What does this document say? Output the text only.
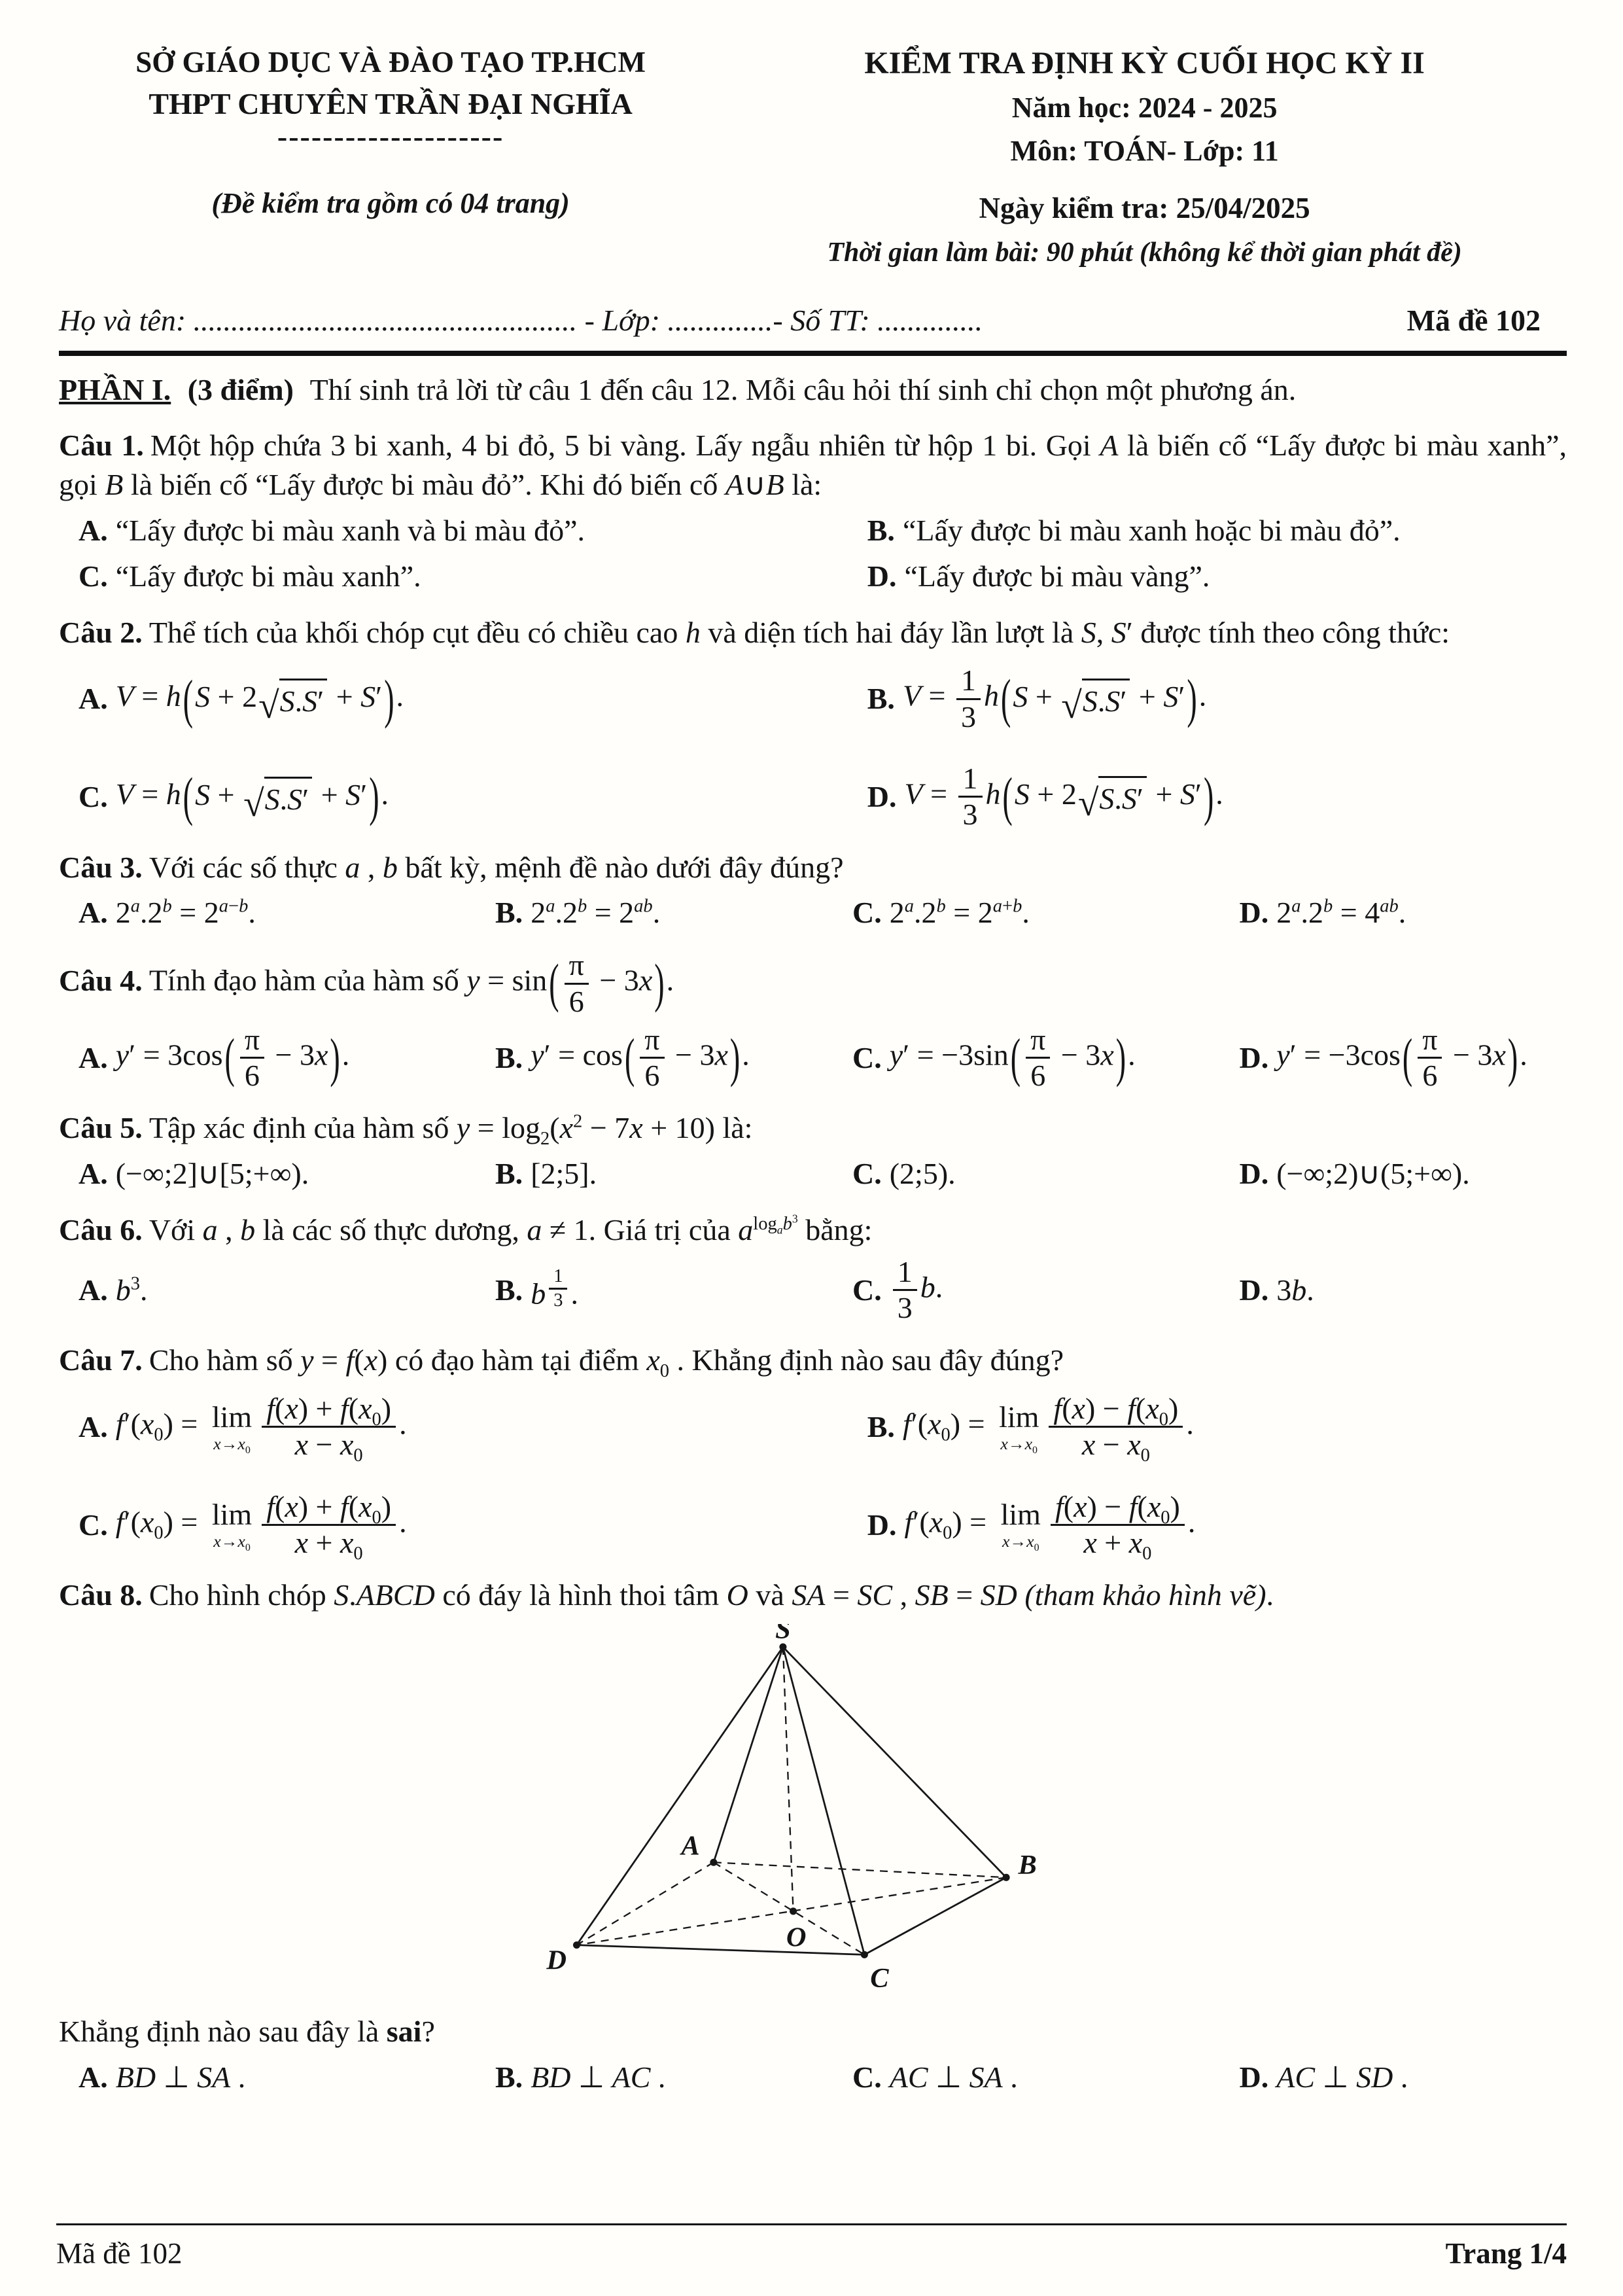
SỞ GIÁO DỤC VÀ ĐÀO TẠO TP.HCM
THPT CHUYÊN TRẦN ĐẠI NGHĨA
--------------------
(Đề kiểm tra gồm có 04 trang)
KIỂM TRA ĐỊNH KỲ CUỐI HỌC KỲ II
Năm học: 2024 - 2025
Môn: TOÁN- Lớp: 11
Ngày kiểm tra: 25/04/2025
Thời gian làm bài: 90 phút (không kể thời gian phát đề)
Họ và tên: ................................................... - Lớp: ..............- Số TT: ..............	Mã đề 102

PHẦN I. (3 điểm) Thí sinh trả lời từ câu 1 đến câu 12. Mỗi câu hỏi thí sinh chỉ chọn một phương án.

Câu 1. Một hộp chứa 3 bi xanh, 4 bi đỏ, 5 bi vàng. Lấy ngẫu nhiên từ hộp 1 bi. Gọi A là biến cố “Lấy được bi màu xanh”, gọi B là biến cố “Lấy được bi màu đỏ”. Khi đó biến cố A∪B là:

A. “Lấy được bi màu xanh và bi màu đỏ”.	B. “Lấy được bi màu xanh hoặc bi màu đỏ”.
C. “Lấy được bi màu xanh”.	D. “Lấy được bi màu vàng”.

Câu 2. Thể tích của khối chóp cụt đều có chiều cao h và diện tích hai đáy lần lượt là S, S′ được tính theo công thức:

A. V = h ( S + 2 √ S.S′ + S′ ) .	B. $V = \frac{1}{3}$ h ( S + √ S.S′ + S′ ) .
C. V = h ( S + √ S.S′ + S′ ) .	D. $V = \frac{1}{3}$ h ( S + 2 √ S.S′ + S′ ) .

Câu 3. Với các số thực a , b bất kỳ, mệnh đề nào dưới đây đúng?

A. $2^a.2^b = 2^{a-b}$.	B. $2^a.2^b = 2^{ab}$.	C. $2^a.2^b = 2^{a+b}$.	D. $2^a.2^b = 4^{ab}$.

Câu 4. Tính đạo hàm của hàm số y = sin ( $\frac{\pi}{6} - 3x$ ) .

A. y′ = 3cos ( $\frac{\pi}{6} - 3x$ ) .	B. y′ = cos ( $\frac{\pi}{6} - 3x$ ) .	C. y′ = −3sin ( $\frac{\pi}{6} - 3x$ ) .	D. y′ = −3cos ( $\frac{\pi}{6} - 3x$ ) .

Câu 5. Tập xác định của hàm số $y = \log_2(x^2 - 7x + 10)$ là:

A. (−∞;2]∪[5;+∞).	B. [2;5].	C. (2;5).	D. (−∞;2)∪(5;+∞).

Câu 6. Với a , b là các số thực dương, a ≠ 1. Giá trị của $a^{log_ab^3}$ bằng:

A. $b^3$.	B. b $^{\frac{1}{3}}$ .	C. $\frac{1}{3} b$.	D. 3b.

Câu 7. Cho hàm số y = f(x) có đạo hàm tại điểm $x_0$ . Khẳng định nào sau đây đúng?

A. $f'(x_0) = \lim$
$x\to x_0 \frac{f(x) + f(x_0)}{x - x_0}$ .	B. $f'(x_0) = \lim$
$x\to x_0 \frac{f(x) - f(x_0)}{x - x_0}$ .
C. $f'(x_0) = \lim$
$x\to x_0 \frac{f(x) + f(x_0)}{x + x_0}$ .	D. $f'(x_0) = \lim$
$x\to x_0 \frac{f(x) - f(x_0)}{x + x_0}$ .

Câu 8. Cho hình chóp S.ABCD có đáy là hình thoi tâm O và SA = SC , SB = SD (tham khảo hình vẽ).

S
A
B
C
D
O

Khẳng định nào sau đây là sai?

A. BD ⊥ SA .	B. BD ⊥ AC .	C. AC ⊥ SA .	D. AC ⊥ SD .
Mã đề 102	Trang 1/4
